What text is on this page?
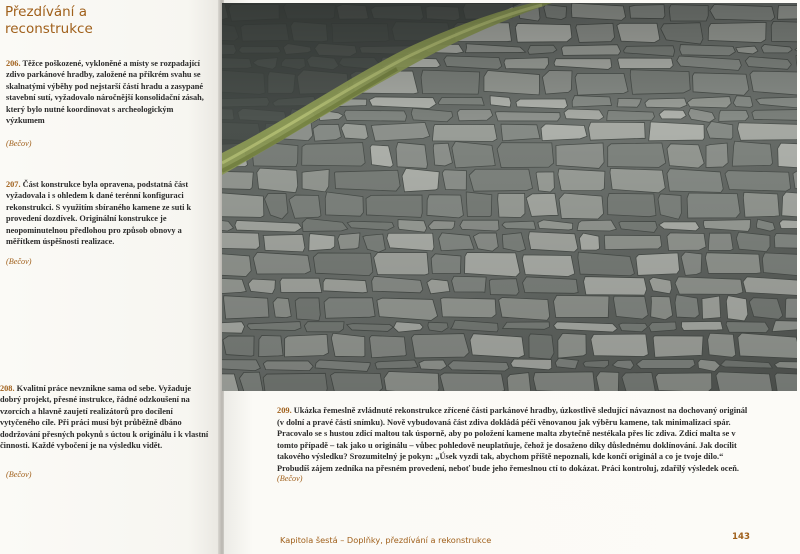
Přezdívání a reconstrukce

206. Těžce poškozené, vykloněné a místy se rozpadající zdivo parkánové hradby, založené na příkrém svahu se skalnatými výběhy pod nejstarší částí hradu a zasypané stavební sutí, vyžadovalo náročnější konsolidační zásah, který bylo nutné koordinovat s archeologickým výzkumem

(Bečov)

207. Část konstrukce byla opravena, podstatná část vyžadovala i s ohledem k dané terénní konfiguraci rekonstrukci. S využitím sbíraného kamene ze suti k provedení dozdívek. Originální konstrukce je neopominutelnou předlohou pro způsob obnovy a měřítkem úspěšnosti realizace.

(Bečov)

208. Kvalitní práce nevzniknе sama od sebe. Vyžaduje dobrý projekt, přesné instrukce, řádné odzkoušení na vzorcích a hlavně zaujetí realizátorů pro docílení vytyčeného cíle. Při práci musí být průběžně dbáno dodržování přesných pokynů s úctou k originálu i k vlastní činnosti. Každé vybočení je na výsledku vidět.

(Bečov)

209. Ukázka řemeslně zvládnuté rekonstrukce zřícené části parkánové hradby, úzkostlivě sledující návaznost na dochovaný originál (v dolní a pravé části snímku). Nově vybudovaná část zdiva dokládá péči věnovanou jak výběru kamene, tak minimalizaci spár. Pracovalo se s hustou zdicí maltou tak úsporně, aby po položení kamene malta zbytečně nestékala přes líc zdiva. Zdicí malta se v tomto případě – tak jako u originálu – vůbec pohledově neuplatňuje, čehož je dosaženo díky důslednému doklínování. Jak docílit takového výsledku? Srozumitelný je pokyn: „Úsek vyzdi tak, abychom příště nepoznali, kde končí originál a co je tvoje dílo.“ Probudíš zájem zedníka na přesném provedení, neboť bude jeho řemeslnou ctí to dokázat. Práci kontroluj, zdařilý výsledek oceň.

(Bečov)

Kapitola šestá – Doplňky, přezdívání a rekonstrukce	143
